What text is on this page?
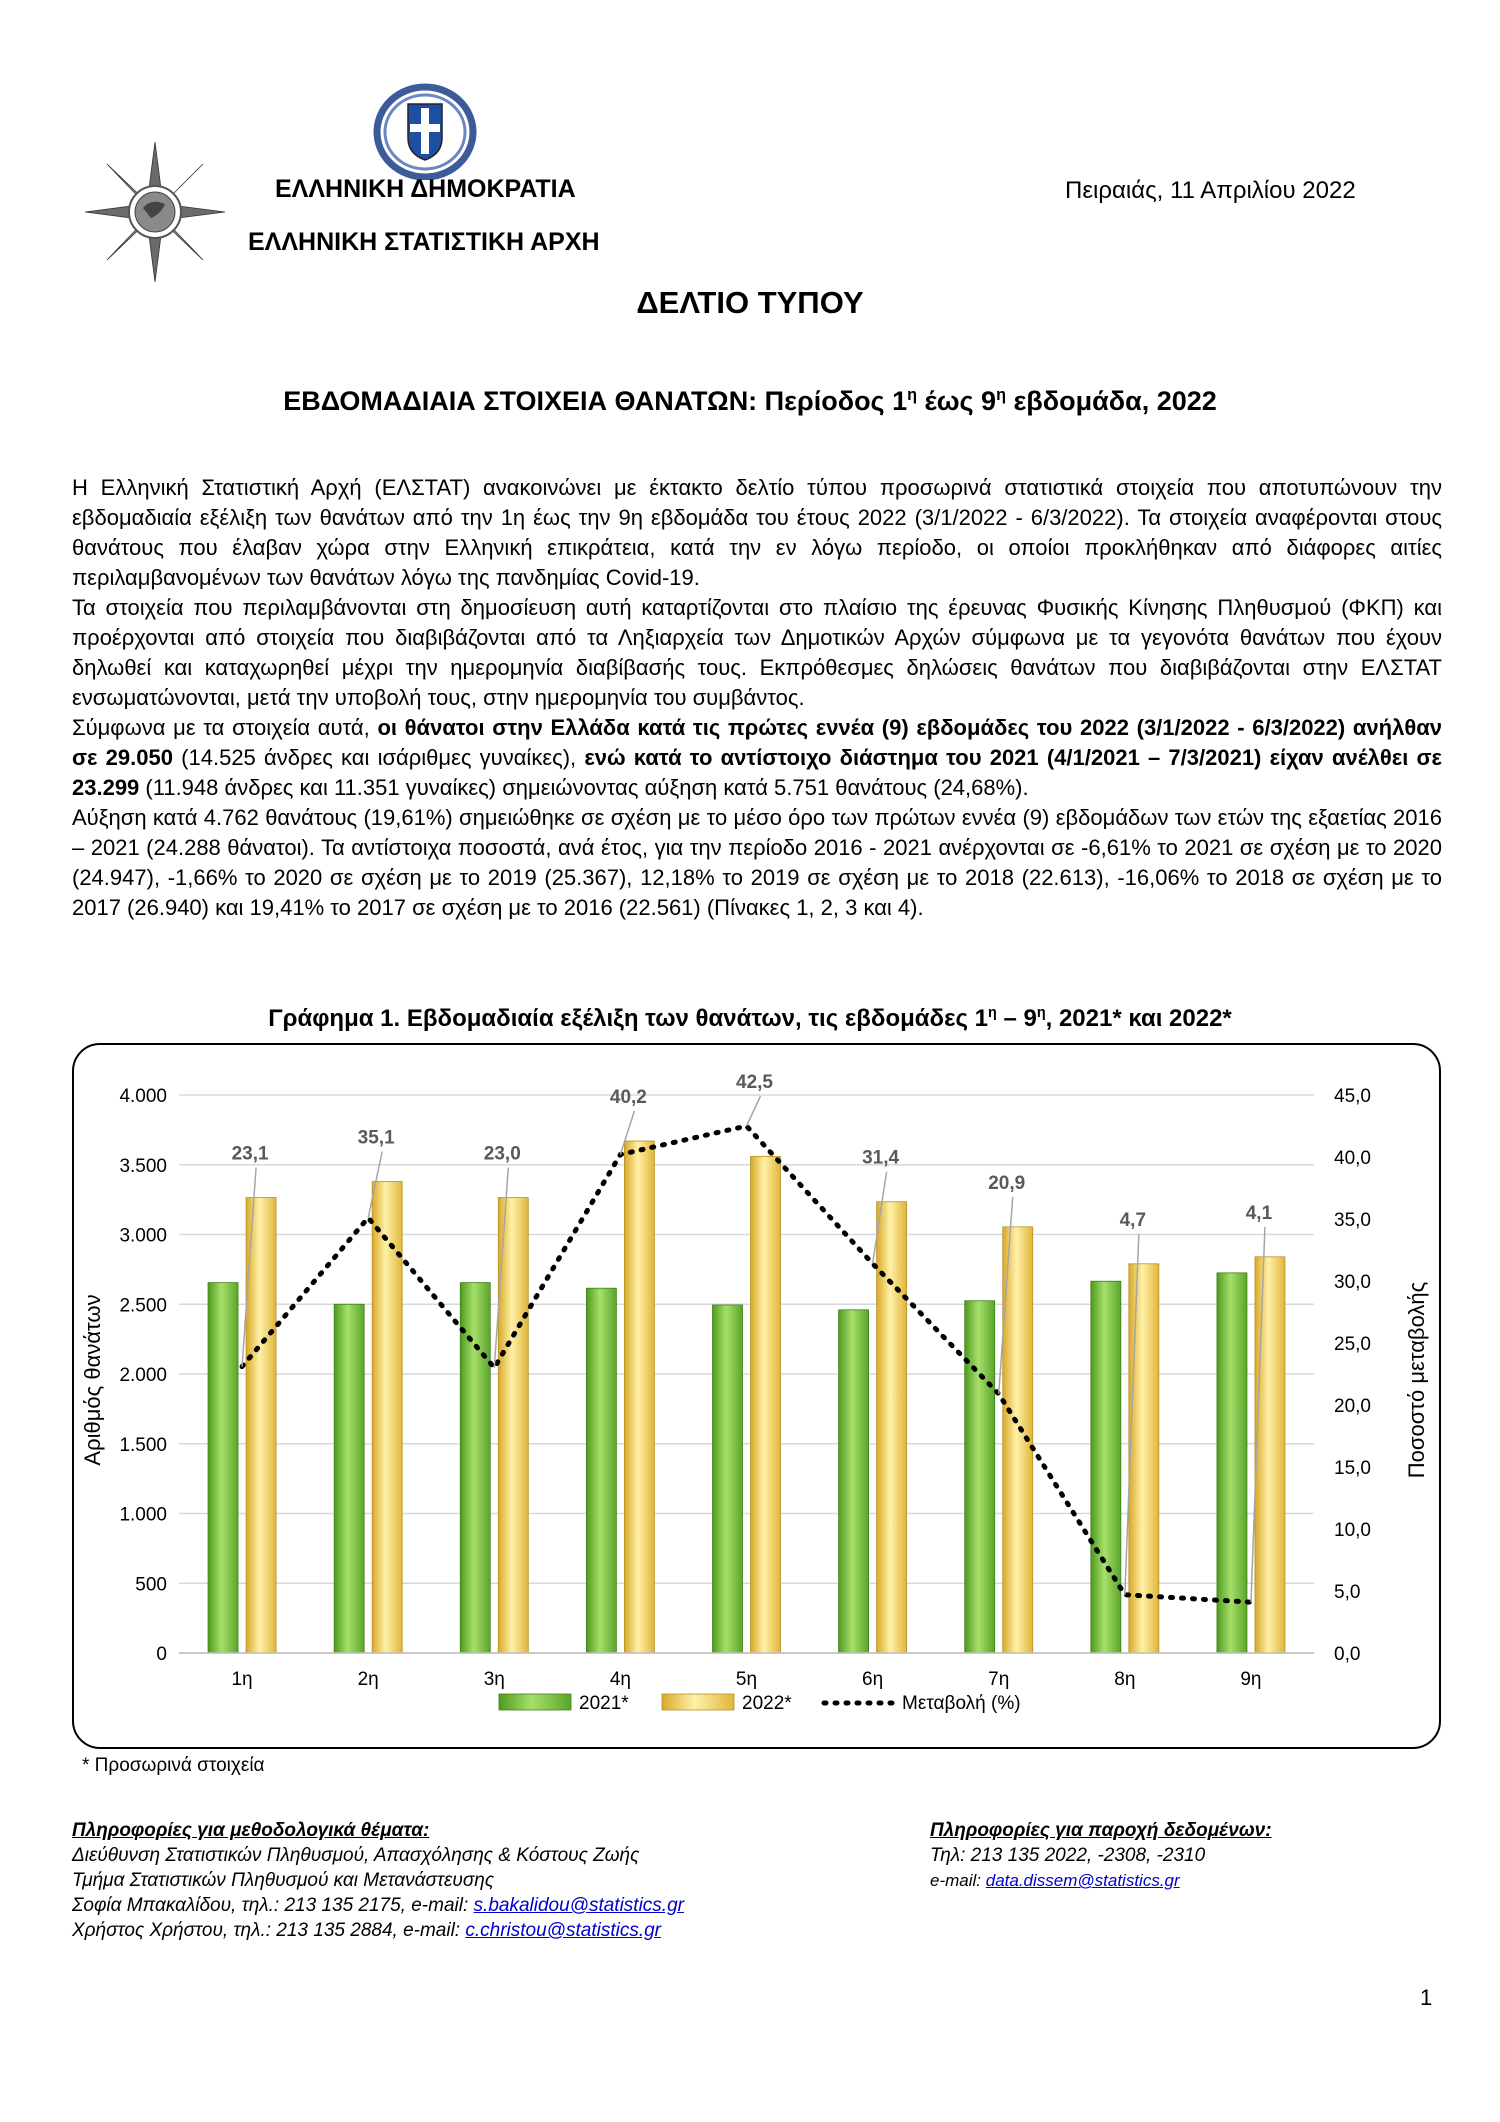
ΕΛΛΗΝΙΚΗ ΔΗΜΟΚΡΑΤΙΑ
ΕΛΛΗΝΙΚΗ ΣΤΑΤΙΣΤΙΚΗ ΑΡΧΗ
Πειραιάς, 11 Απριλίου 2022
ΔΕΛΤΙΟ ΤΥΠΟΥ
ΕΒΔΟΜΑΔΙΑΙΑ ΣΤΟΙΧΕΙΑ ΘΑΝΑΤΩΝ: Περίοδος $1^\eta$ έως $9^\eta$ εβδομάδα, 2022

Η Ελληνική Στατιστική Αρχή (ΕΛΣΤΑΤ) ανακοινώνει με έκτακτο δελτίο τύπου προσωρινά στατιστικά στοιχεία που αποτυπώνουν την εβδομαδιαία εξέλιξη των θανάτων από την 1η έως την 9η εβδομάδα του έτους 2022 (3/1/2022 - 6/3/2022). Τα στοιχεία αναφέρονται στους θανάτους που έλαβαν χώρα στην Ελληνική επικράτεια, κατά την εν λόγω περίοδο, οι οποίοι προκλήθηκαν από διάφορες αιτίες περιλαμβανομένων των θανάτων λόγω της πανδημίας Covid-19.

Τα στοιχεία που περιλαμβάνονται στη δημοσίευση αυτή καταρτίζονται στο πλαίσιο της έρευνας Φυσικής Κίνησης Πληθυσμού (ΦΚΠ) και προέρχονται από στοιχεία που διαβιβάζονται από τα Ληξιαρχεία των Δημοτικών Αρχών σύμφωνα με τα γεγονότα θανάτων που έχουν δηλωθεί και καταχωρηθεί μέχρι την ημερομηνία διαβίβασής τους. Εκπρόθεσμες δηλώσεις θανάτων που διαβιβάζονται στην ΕΛΣΤΑΤ ενσωματώνονται, μετά την υποβολή τους, στην ημερομηνία του συμβάντος.

Σύμφωνα με τα στοιχεία αυτά, οι θάνατοι στην Ελλάδα κατά τις πρώτες εννέα (9) εβδομάδες του 2022 (3/1/2022 - 6/3/2022) ανήλθαν σε 29.050 (14.525 άνδρες και ισάριθμες γυναίκες), ενώ κατά το αντίστοιχο διάστημα του 2021 (4/1/2021 – 7/3/2021) είχαν ανέλθει σε 23.299 (11.948 άνδρες και 11.351 γυναίκες) σημειώνοντας αύξηση κατά 5.751 θανάτους (24,68%).

Αύξηση κατά 4.762 θανάτους (19,61%) σημειώθηκε σε σχέση με το μέσο όρο των πρώτων εννέα (9) εβδομάδων των ετών της εξαετίας 2016 – 2021 (24.288 θάνατοι). Τα αντίστοιχα ποσοστά, ανά έτος, για την περίοδο 2016 - 2021 ανέρχονται σε -6,61% το 2021 σε σχέση με το 2020 (24.947), -1,66% το 2020 σε σχέση με το 2019 (25.367), 12,18% το 2019 σε σχέση με το 2018 (22.613), -16,06% το 2018 σε σχέση με το 2017 (26.940) και 19,41% το 2017 σε σχέση με το 2016 (22.561) (Πίνακες 1, 2, 3 και 4).

Γράφημα 1. Εβδομαδιαία εξέλιξη των θανάτων, τις εβδομάδες $1^\eta - 9^\eta$, 2021* και 2022*
23,1
35,1
23,0
40,2
42,5
31,4
20,9
4,7	4,1
0
500
1.000
1.500
2.000
2.500
3.000
3.500
4.000
0,0
5,0
10,0
15,0
20,0
25,0
30,0
35,0
40,0
45,0
1η	2η	3η	4η	5η	6η	7η	8η	9η
Αριθμός θανάτων	Ποσοστό μεταβολής
2021*	2022*	Μεταβολή (%)
* Προσωρινά στοιχεία
Πληροφορίες για μεθοδολογικά θέματα:
Διεύθυνση Στατιστικών Πληθυσμού, Απασχόλησης & Κόστους Ζωής
Τμήμα Στατιστικών Πληθυσμού και Μετανάστευσης
Σοφία Μπακαλίδου, τηλ.: 213 135 2175, e-mail: s.bakalidou@statistics.gr
Χρήστος Χρήστου, τηλ.: 213 135 2884, e-mail: c.christou@statistics.gr
Πληροφορίες για παροχή δεδομένων:
Τηλ: 213 135 2022, -2308, -2310
e-mail: data.dissem@statistics.gr
1
